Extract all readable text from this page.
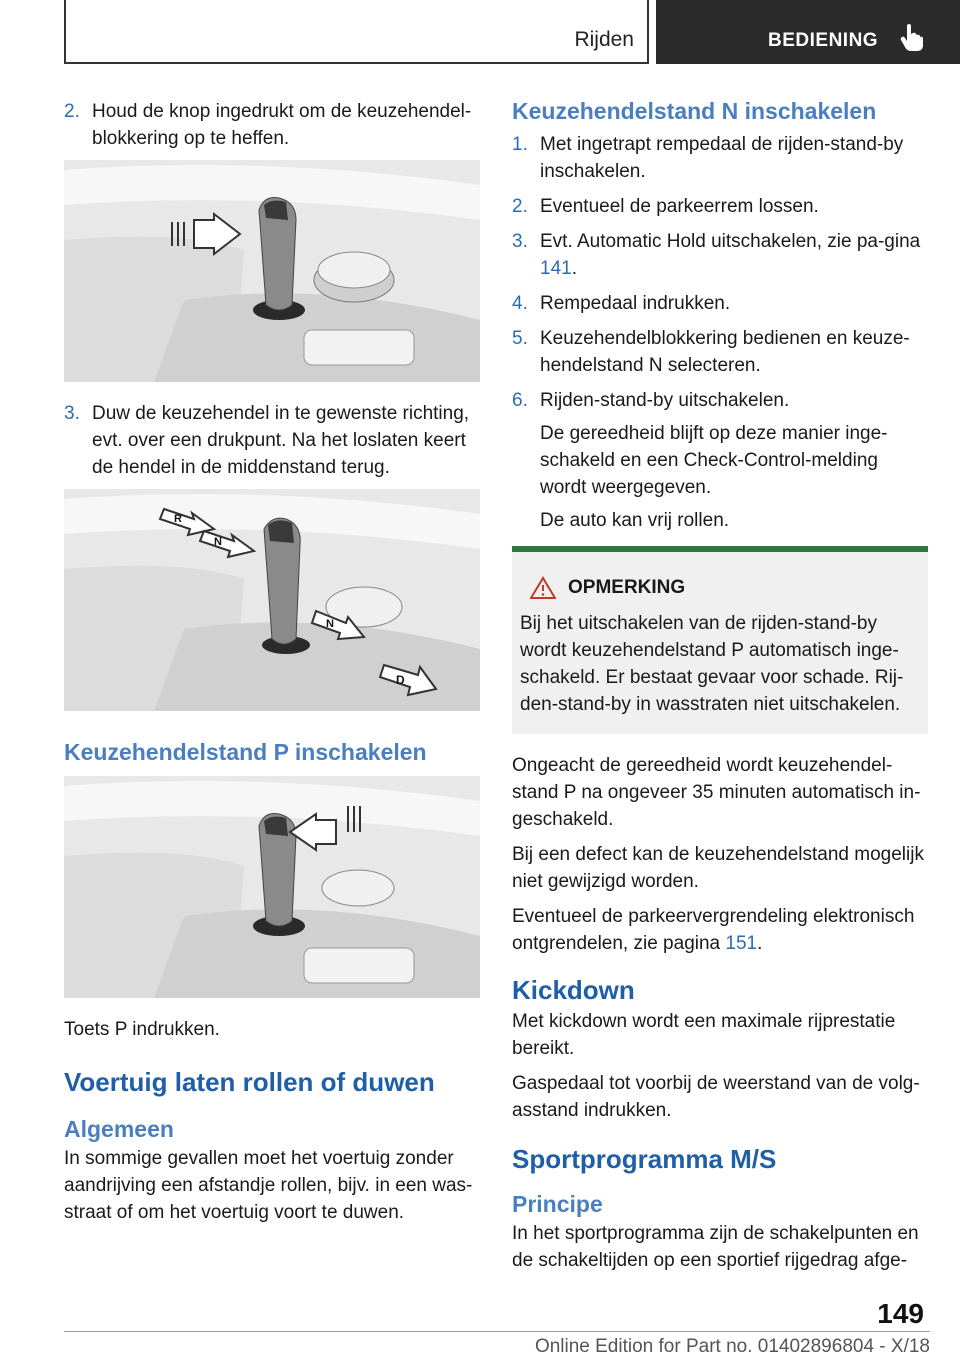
Rijden	BEDIENING
2. Houd de knop ingedrukt om de keuzehendel-blokkering op te heffen.
3. Duw de keuzehendel in te gewenste richting, evt. over een drukpunt. Na het loslaten keert de hendel in de middenstand terug.
R
N
N
D
Keuzehendelstand P inschakelen

Toets P indrukken.

Voertuig laten rollen of duwen
Algemeen

In sommige gevallen moet het voertuig zonder aandrijving een afstandje rollen, bijv. in een was-straat of om het voertuig voort te duwen.

Keuzehendelstand N inschakelen
1. Met ingetrapt rempedaal de rijden-stand-by inschakelen.
2. Eventueel de parkeerrem lossen.
3. Evt. Automatic Hold uitschakelen, zie pa-gina 141.
4. Rempedaal indrukken.
5. Keuzehendelblokkering bedienen en keuze-hendelstand N selecteren.
6. Rijden-stand-by uitschakelen.
De gereedheid blijft op deze manier inge-schakeld en een Check-Control-melding wordt weergegeven.
De auto kan vrij rollen.
OPMERKING

Bij het uitschakelen van de rijden-stand-by wordt keuzehendelstand P automatisch inge-schakeld. Er bestaat gevaar voor schade. Rij-den-stand-by in wasstraten niet uitschakelen.

Ongeacht de gereedheid wordt keuzehendel-stand P na ongeveer 35 minuten automatisch in-geschakeld.

Bij een defect kan de keuzehendelstand mogelijk niet gewijzigd worden.

Eventueel de parkeervergrendeling elektronisch ontgrendelen, zie pagina 151.

Kickdown

Met kickdown wordt een maximale rijprestatie bereikt.

Gaspedaal tot voorbij de weerstand van de volg-asstand indrukken.

Sportprogramma M/S
Principe

In het sportprogramma zijn de schakelpunten en de schakeltijden op een sportief rijgedrag afge-

149
Online Edition for Part no. 01402896804 - X/18
